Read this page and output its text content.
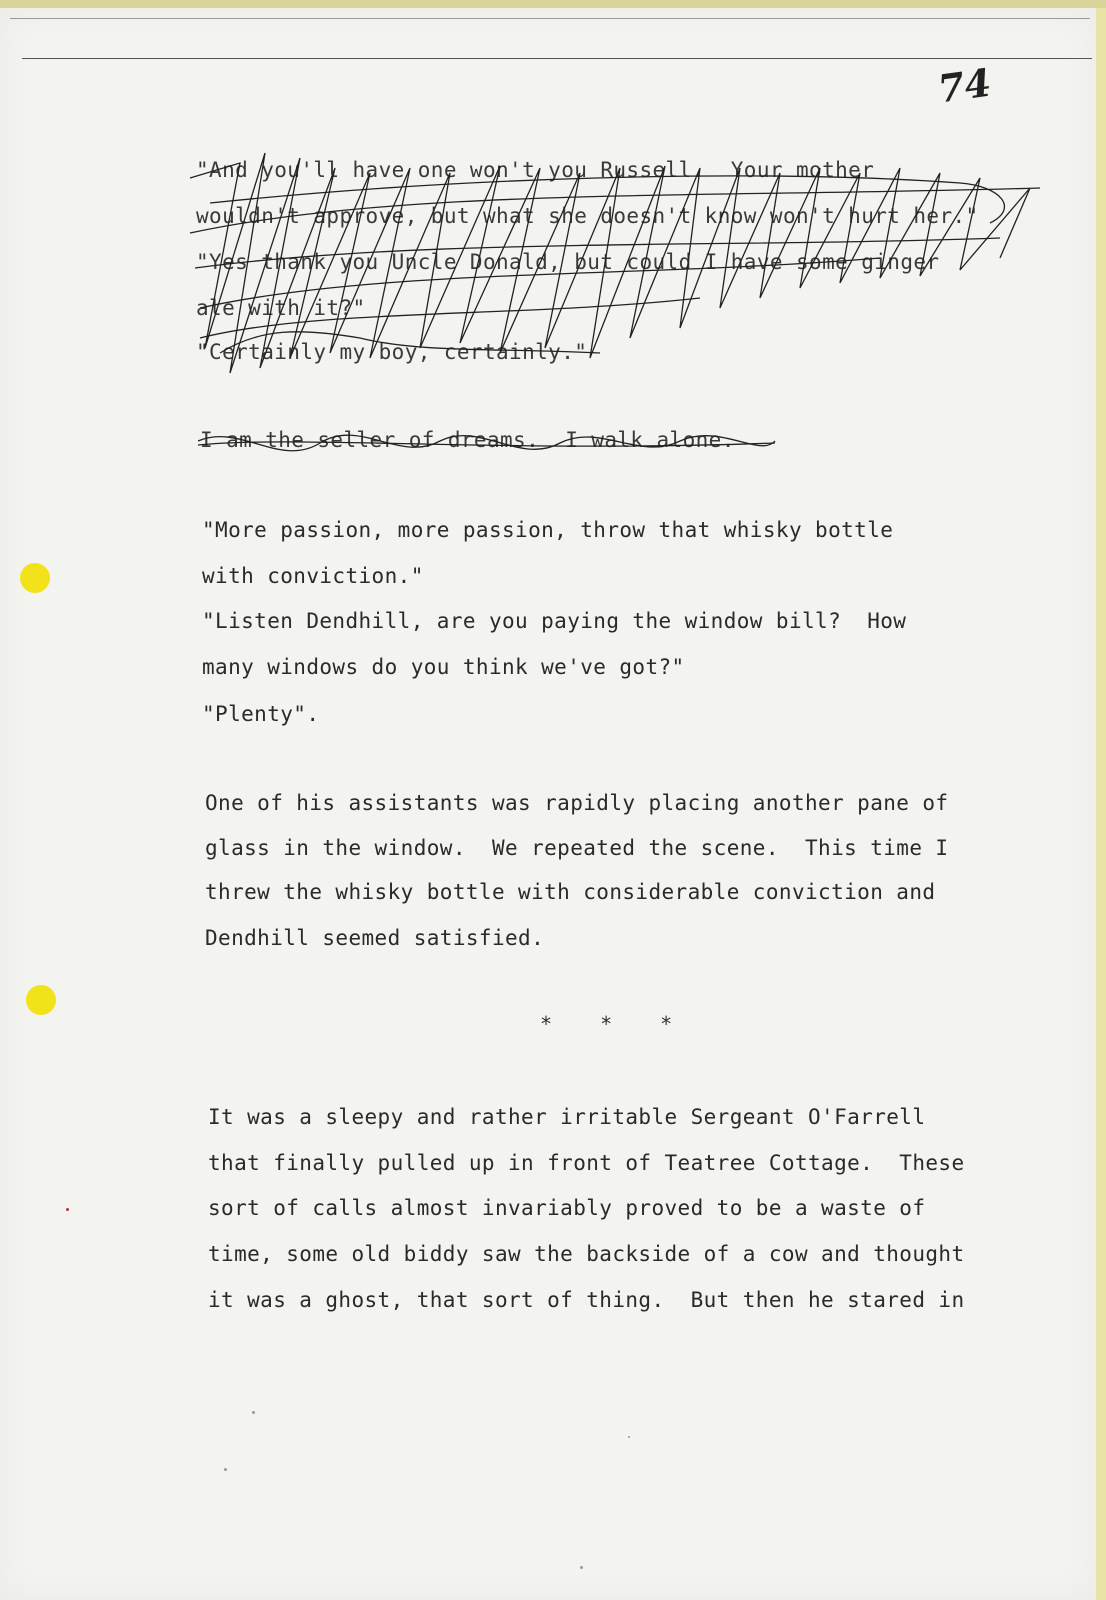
74

"And you'll have one won't you Russell.  Your mother

wouldn't approve, but what she doesn't know won't hurt her."

"Yes thank you Uncle Donald, but could I have some ginger

ale with it?"

"Certainly my boy, certainly."

I am the seller of dreams.  I walk alone.

"More passion, more passion, throw that whisky bottle

with conviction."

"Listen Dendhill, are you paying the window bill?  How

many windows do you think we've got?"

"Plenty".

One of his assistants was rapidly placing another pane of

glass in the window.  We repeated the scene.  This time I

threw the whisky bottle with considerable conviction and

Dendhill seemed satisfied.

* * *

It was a sleepy and rather irritable Sergeant O'Farrell

that finally pulled up in front of Teatree Cottage.  These

sort of calls almost invariably proved to be a waste of

time, some old biddy saw the backside of a cow and thought

it was a ghost, that sort of thing.  But then he stared in
